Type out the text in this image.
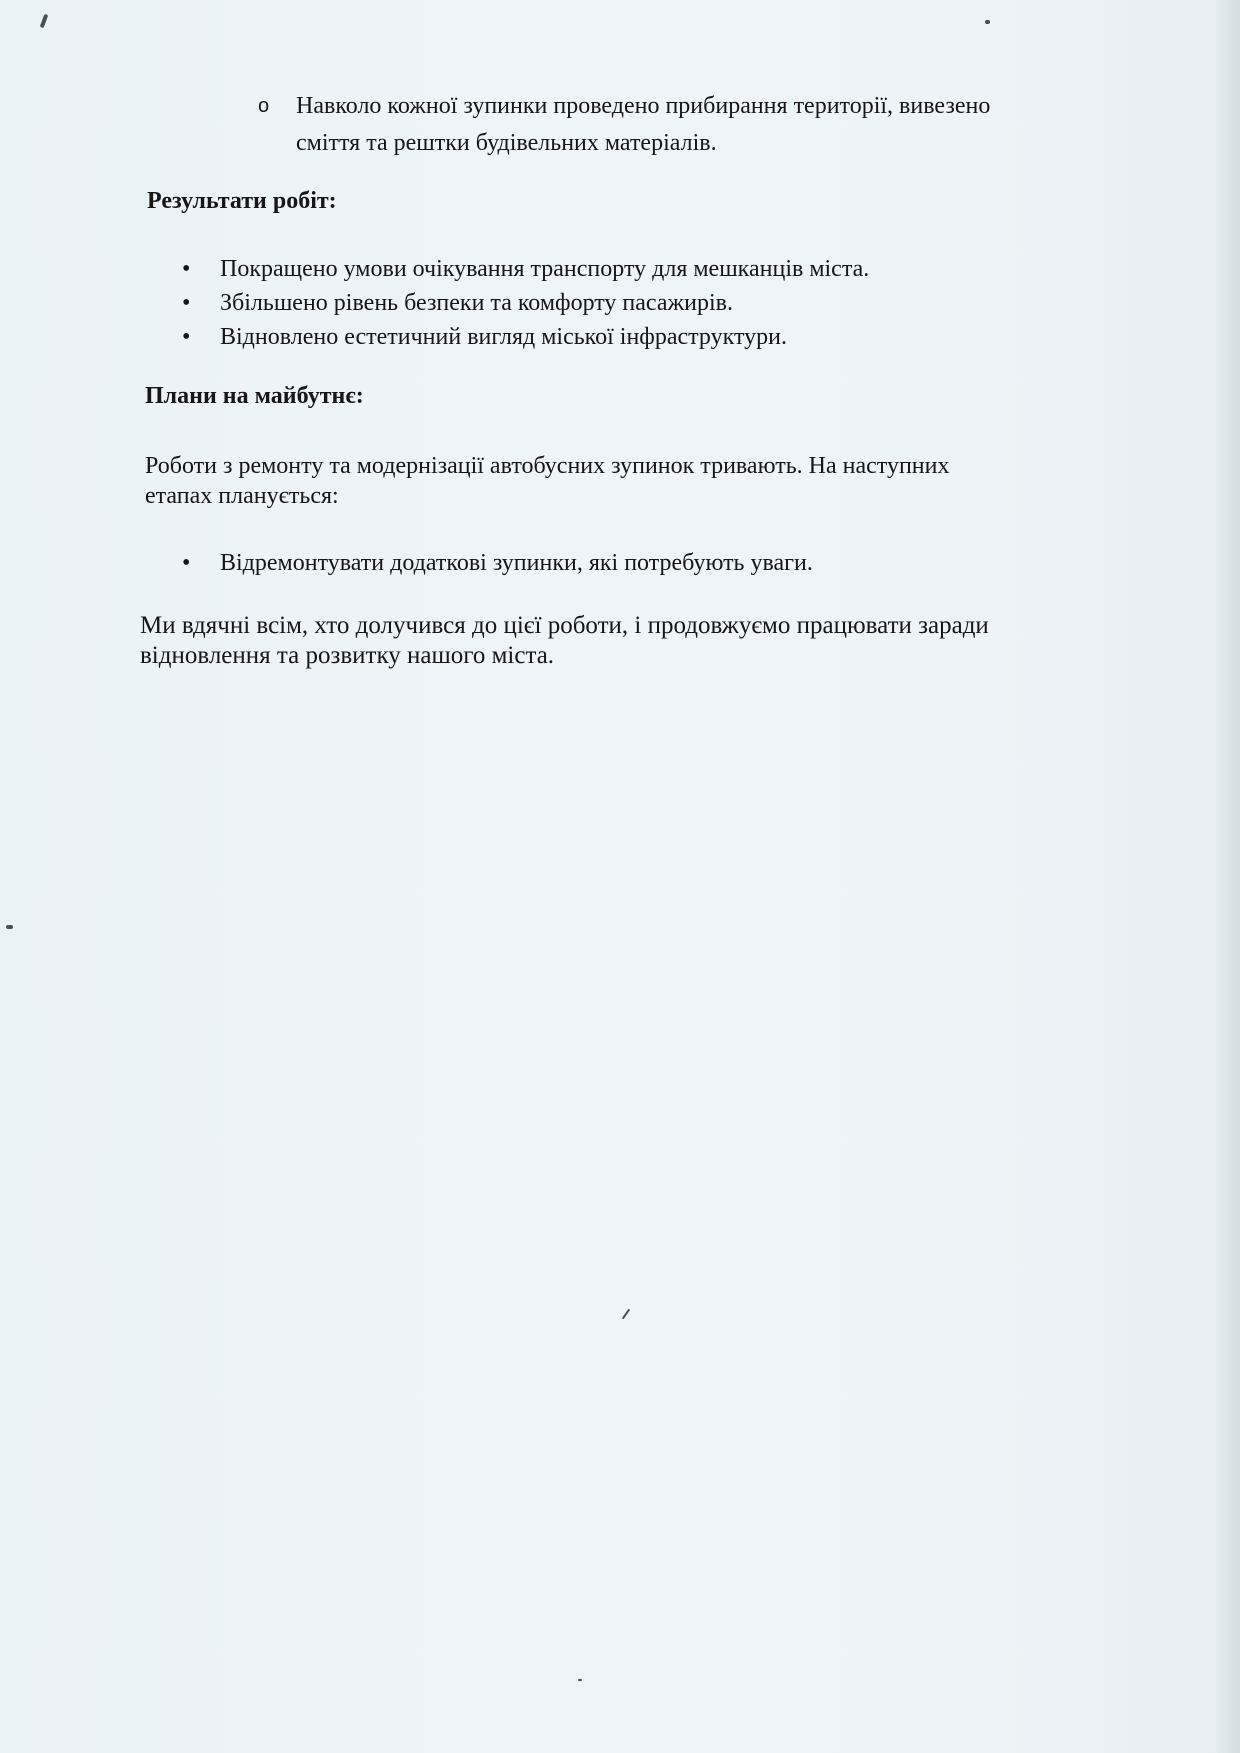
o Навколо кожної зупинки проведено прибирання території, вивезено
сміття та рештки будівельних матеріалів.
Результати робіт:
• Покращено умови очікування транспорту для мешканців міста.
• Збільшено рівень безпеки та комфорту пасажирів.
• Відновлено естетичний вигляд міської інфраструктури.
Плани на майбутнє:
Роботи з ремонту та модернізації автобусних зупинок тривають. На наступних
етапах планується:
• Відремонтувати додаткові зупинки, які потребують уваги.
Ми вдячні всім, хто долучився до цієї роботи, і продовжуємо працювати заради
відновлення та розвитку нашого міста.
